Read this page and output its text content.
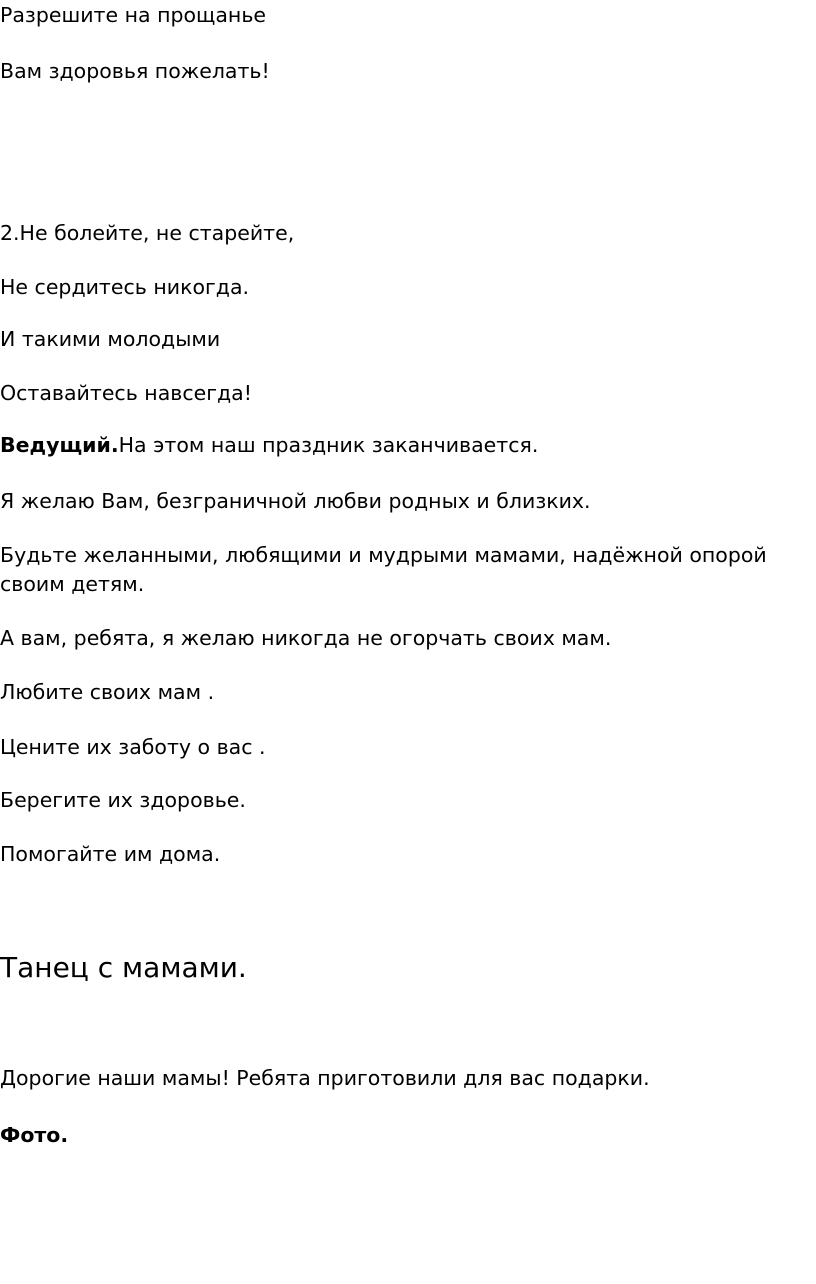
Разрешите на прощанье

Вам здоровья пожелать!

2.Не болейте, не старейте,

Не сердитесь никогда.

И такими молодыми

Оставайтесь навсегда!

Ведущий.На этом наш праздник заканчивается.

Я желаю Вам, безграничной любви родных и близких.

Будьте желанными, любящими и мудрыми мамами, надёжной опорой своим детям.

А вам, ребята, я желаю никогда не огорчать своих мам.

Любите своих мам .

Цените их заботу о вас .

Берегите их здоровье.

Помогайте им дома.

Танец с мамами.

Дорогие наши мамы! Ребята приготовили для вас подарки.

Фото.
